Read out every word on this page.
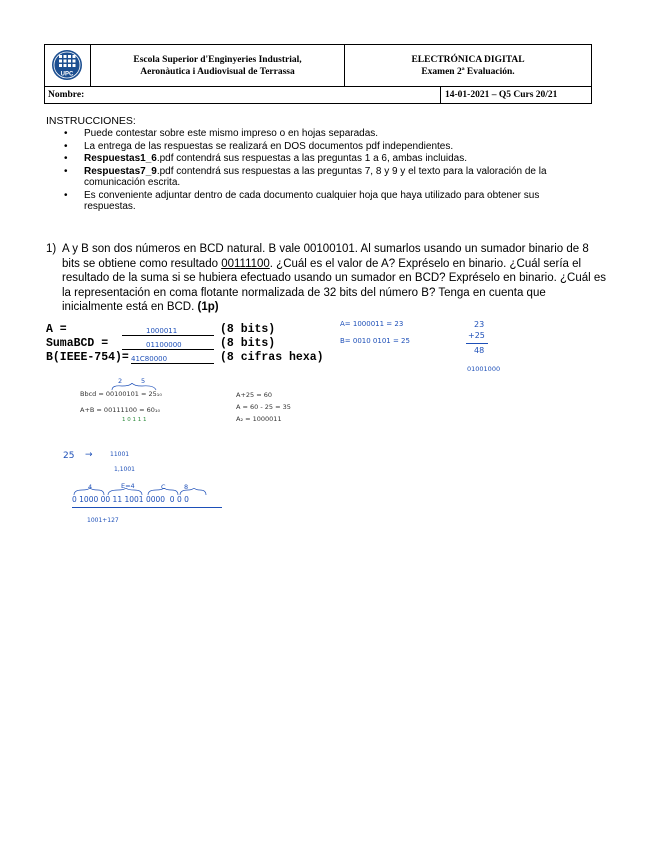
UPC
Escola Superior d'Enginyeries Industrial,
Aeronàutica i Audiovisual de Terrassa
ELECTRÓNICA DIGITAL
Examen 2ª Evaluación.
Nombre:	14-01-2021 – Q5 Curs 20/21
INSTRUCCIONES:
• Puede contestar sobre este mismo impreso o en hojas separadas.
• La entrega de las respuestas se realizará en DOS documentos pdf independientes.
• Respuestas1_6.pdf contendrá sus respuestas a las preguntas 1 a 6, ambas incluidas.
• Respuestas7_9.pdf contendrá sus respuestas a las preguntas 7, 8 y 9 y el texto para la valoración de la comunicación escrita.
• Es conveniente adjuntar dentro de cada documento cualquier hoja que haya utilizado para obtener sus respuestas.
1) A y B son dos números en BCD natural. B vale 00100101. Al sumarlos usando un sumador binario de 8 bits se obtiene como resultado 00111100. ¿Cuál es el valor de A? Expréselo en binario. ¿Cuál sería el resultado de la suma si se hubiera efectuado usando un sumador en BCD? Expréselo en binario. ¿Cuál es la representación en coma flotante normalizada de 32 bits del número B? Tenga en cuenta que inicialmente está en BCD. (1p)
A =	1000011	(8 bits)
SumaBCD =	01100000	(8 bits)
B(IEEE-754)= 41C80000	(8 cifras hexa)
A= 1000011 = 23
B= 0010 0101 = 25
23
+25
48
01001000
2	5
Bbcd = 00100101 = 25₁₀
A+B = 00111100 = 60₁₀
1 0 1 1 1
A+25 = 60
A = 60 - 25 = 35
A₂ = 1000011
25 →	11001
1,1001
4	E=4	C	8
0 1000 00 11 1001 0000  0 0 0
1001+127
